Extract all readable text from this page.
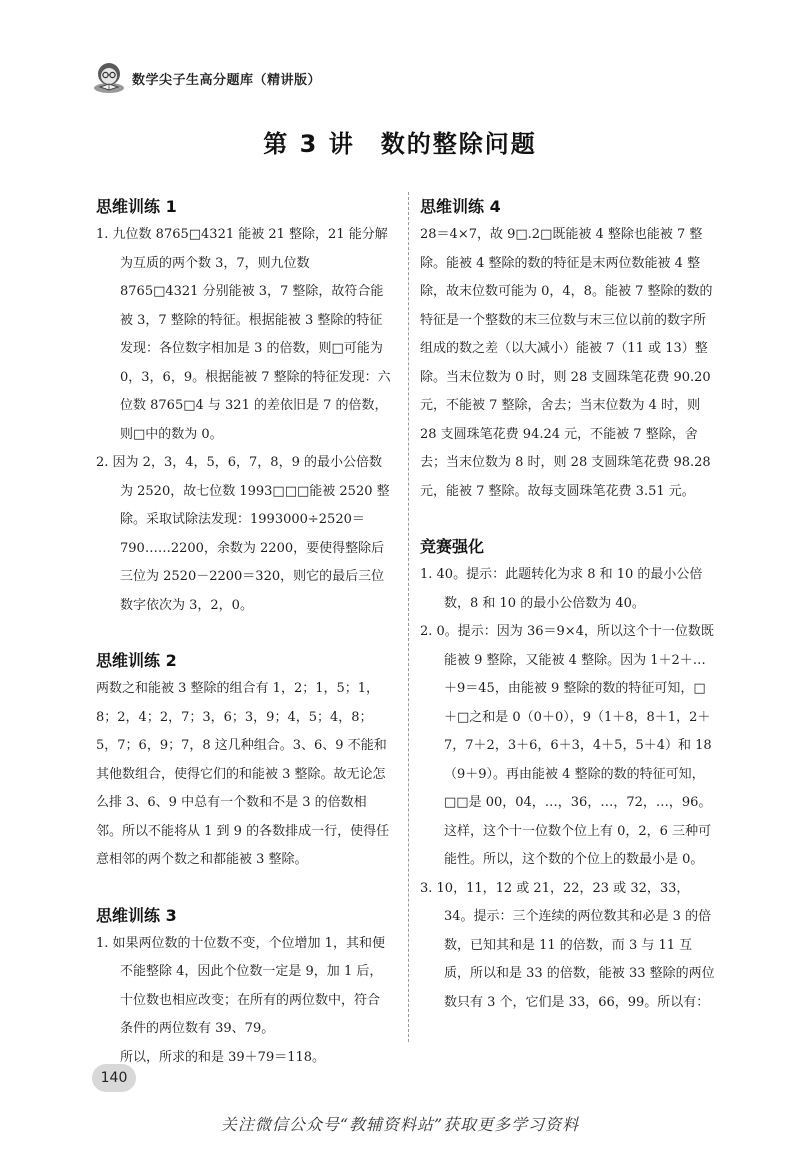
数学尖子生高分题库（精讲版）
第 3 讲　数的整除问题
思维训练 1

1. 九位数 8765□4321 能被 21 整除，21 能分解为互质的两个数 3，7，则九位数 8765□4321 分别能被 3，7 整除，故符合能被 3，7 整除的特征。根据能被 3 整除的特征发现：各位数字相加是 3 的倍数，则□可能为 0，3，6，9。根据能被 7 整除的特征发现：六位数 8765□4 与 321 的差依旧是 7 的倍数，则□中的数为 0。

2. 因为 2，3，4，5，6，7，8，9 的最小公倍数为 2520，故七位数 1993□□□能被 2520 整除。采取试除法发现：1993000÷2520＝790……2200，余数为 2200，要使得整除后三位为 2520－2200＝320，则它的最后三位数字依次为 3，2，0。

思维训练 2

两数之和能被 3 整除的组合有 1，2；1，5；1，8；2，4；2，7；3，6；3，9；4，5；4，8；5，7；6，9；7，8 这几种组合。3、6、9 不能和其他数组合，使得它们的和能被 3 整除。故无论怎么排 3、6、9 中总有一个数和不是 3 的倍数相邻。所以不能将从 1 到 9 的各数排成一行，使得任意相邻的两个数之和都能被 3 整除。

思维训练 3

1. 如果两位数的十位数不变，个位增加 1，其和便不能整除 4，因此个位数一定是 9，加 1 后，十位数也相应改变；在所有的两位数中，符合条件的两位数有 39、79。

所以，所求的和是 39＋79＝118。

思维训练 4

28＝4×7，故 9□.2□既能被 4 整除也能被 7 整除。能被 4 整除的数的特征是末两位数能被 4 整除，故末位数可能为 0，4，8。能被 7 整除的数的特征是一个整数的末三位数与末三位以前的数字所组成的数之差（以大减小）能被 7（11 或 13）整除。当末位数为 0 时，则 28 支圆珠笔花费 90.20 元，不能被 7 整除，舍去；当末位数为 4 时，则 28 支圆珠笔花费 94.24 元，不能被 7 整除，舍去；当末位数为 8 时，则 28 支圆珠笔花费 98.28 元，能被 7 整除。故每支圆珠笔花费 3.51 元。

竞赛强化

1. 40。提示：此题转化为求 8 和 10 的最小公倍数，8 和 10 的最小公倍数为 40。

2. 0。提示：因为 36＝9×4，所以这个十一位数既能被 9 整除，又能被 4 整除。因为 1＋2＋…＋9＝45，由能被 9 整除的数的特征可知，□＋□之和是 0（0＋0），9（1＋8，8＋1，2＋7，7＋2，3＋6，6＋3，4＋5，5＋4）和 18（9＋9）。再由能被 4 整除的数的特征可知，□□是 00，04，…，36，…，72，…，96。这样，这个十一位数个位上有 0，2，6 三种可能性。所以，这个数的个位上的数最小是 0。

3. 10，11，12 或 21，22，23 或 32，33，34。提示：三个连续的两位数其和必是 3 的倍数，已知其和是 11 的倍数，而 3 与 11 互质，所以和是 33 的倍数，能被 33 整除的两位数只有 3 个，它们是 33，66，99。所以有：

140
关注微信公众号“教辅资料站”获取更多学习资料
